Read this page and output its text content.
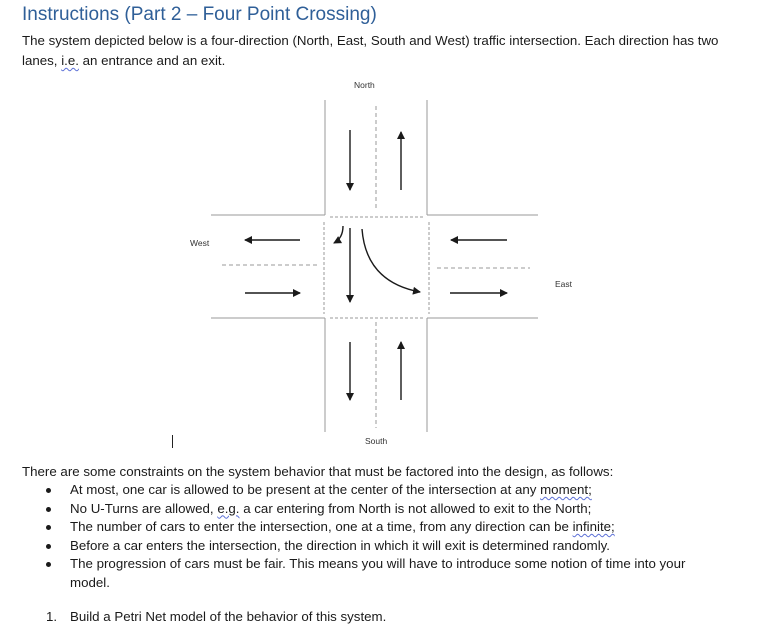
Instructions (Part 2 – Four Point Crossing)

The system depicted below is a four-direction (North, East, South and West) traffic intersection. Each direction has two lanes, i.e. an entrance and an exit.

North
South
East
West

There are some constraints on the system behavior that must be factored into the design, as follows:

At most, one car is allowed to be present at the center of the intersection at any moment;
No U-Turns are allowed, e.g. a car entering from North is not allowed to exit to the North;
The number of cars to enter the intersection, one at a time, from any direction can be infinite;
Before a car enters the intersection, the direction in which it will exit is determined randomly.
The progression of cars must be fair. This means you will have to introduce some notion of time into your model.

1. Build a Petri Net model of the behavior of this system.
